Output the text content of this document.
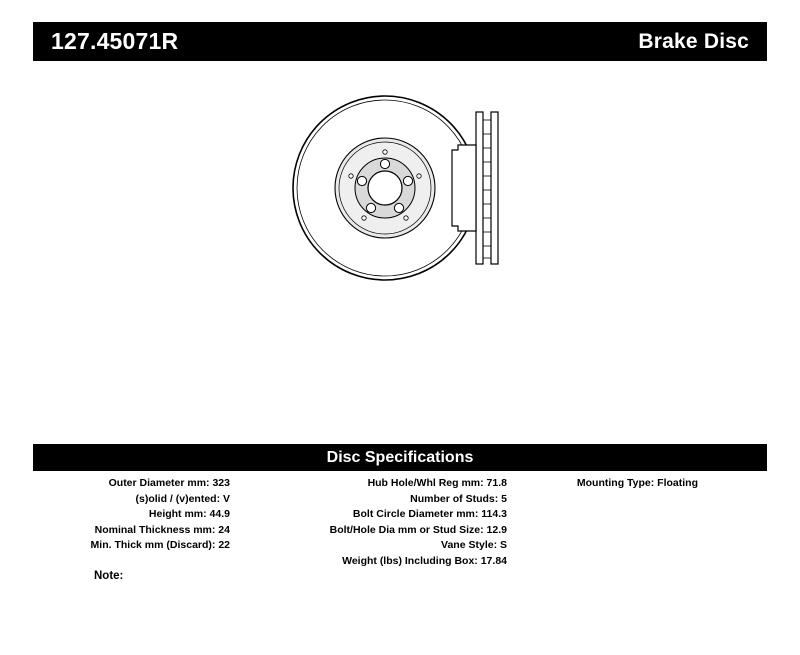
127.45071R	Brake Disc
Disc Specifications
Outer Diameter mm: 323
(s)olid / (v)ented: V
Height mm: 44.9
Nominal Thickness mm: 24
Min. Thick mm (Discard): 22
Hub Hole/Whl Reg mm: 71.8
Number of Studs: 5
Bolt Circle Diameter mm: 114.3
Bolt/Hole Dia mm or Stud Size: 12.9
Vane Style: S
Weight (lbs) Including Box: 17.84
Mounting Type: Floating
Note:
